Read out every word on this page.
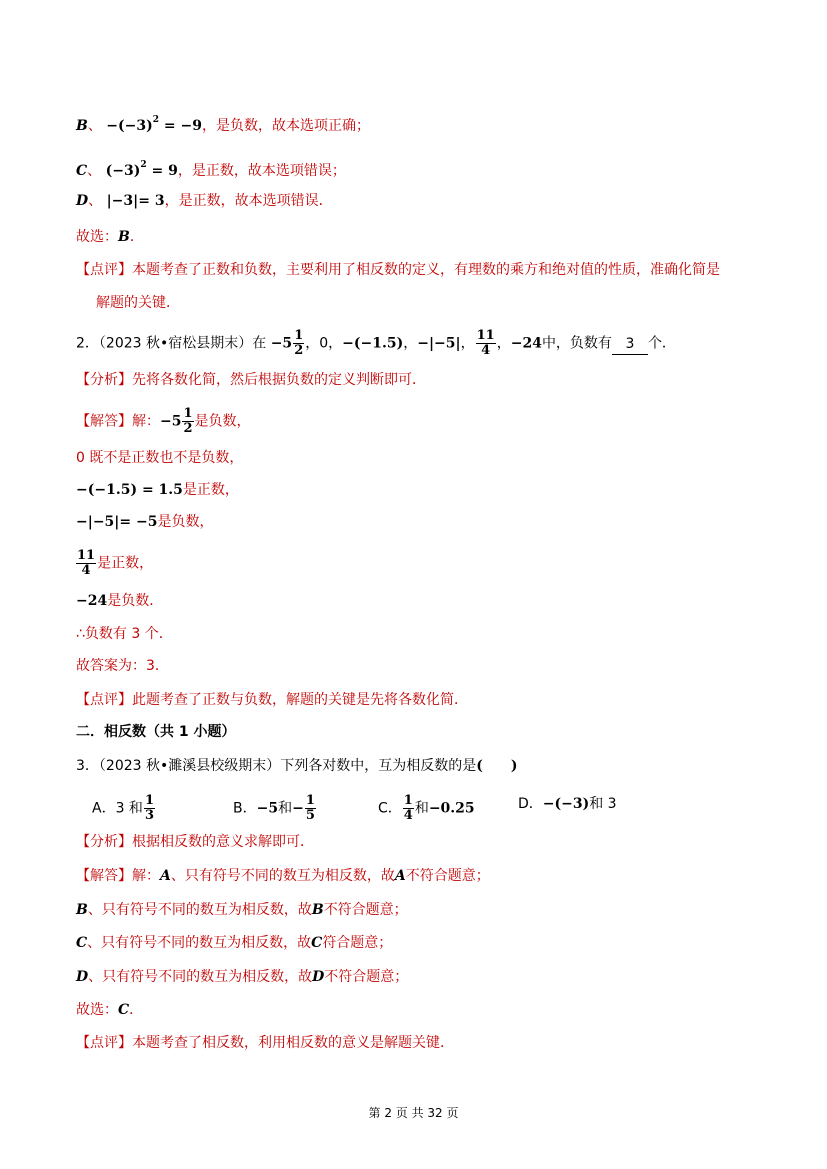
B、 $-(-3)^2 = -9$，是负数，故本选项正确；
C、 $(-3)^2 = 9$，是正数，故本选项错误；
D、 |−3|= 3，是正数，故本选项错误．
故选：B．
【点评】本题考查了正数和负数，主要利用了相反数的定义，有理数的乘方和绝对值的性质，准确化简是
解题的关键．
2．（2023 秋•宿松县期末）在 $-5 \frac{1}{2}$ ，0，−(−1.5)，−|−5|， $\frac{11}{4}$ ，−24中，负数有 3 个．
【分析】先将各数化简，然后根据负数的定义判断即可．
【解答】解：$-5 \frac{1}{2}$ 是负数，
0 既不是正数也不是负数，
−(−1.5) = 1.5是正数，
−|−5|= −5是负数，
$\frac{11}{4}$ 是正数，
−24是负数．
∴负数有 3 个．
故答案为：3．
【点评】此题考查了正数与负数，解题的关键是先将各数化简．
二．相反数（共 1 小题）
3．（2023 秋•濉溪县校级期末）下列各对数中，互为相反数的是(　　)
A．3 和 $\frac{1}{3}$	B．−5和− $\frac{1}{5}$	C． $\frac{1}{4}$ 和−0.25	D．−(−3)和 3
【分析】根据相反数的意义求解即可．
【解答】解：A、只有符号不同的数互为相反数，故A不符合题意；
B、只有符号不同的数互为相反数，故B不符合题意；
C、只有符号不同的数互为相反数，故C符合题意；
D、只有符号不同的数互为相反数，故D不符合题意；
故选：C．
【点评】本题考查了相反数，利用相反数的意义是解题关键．
第 2 页 共 32 页
